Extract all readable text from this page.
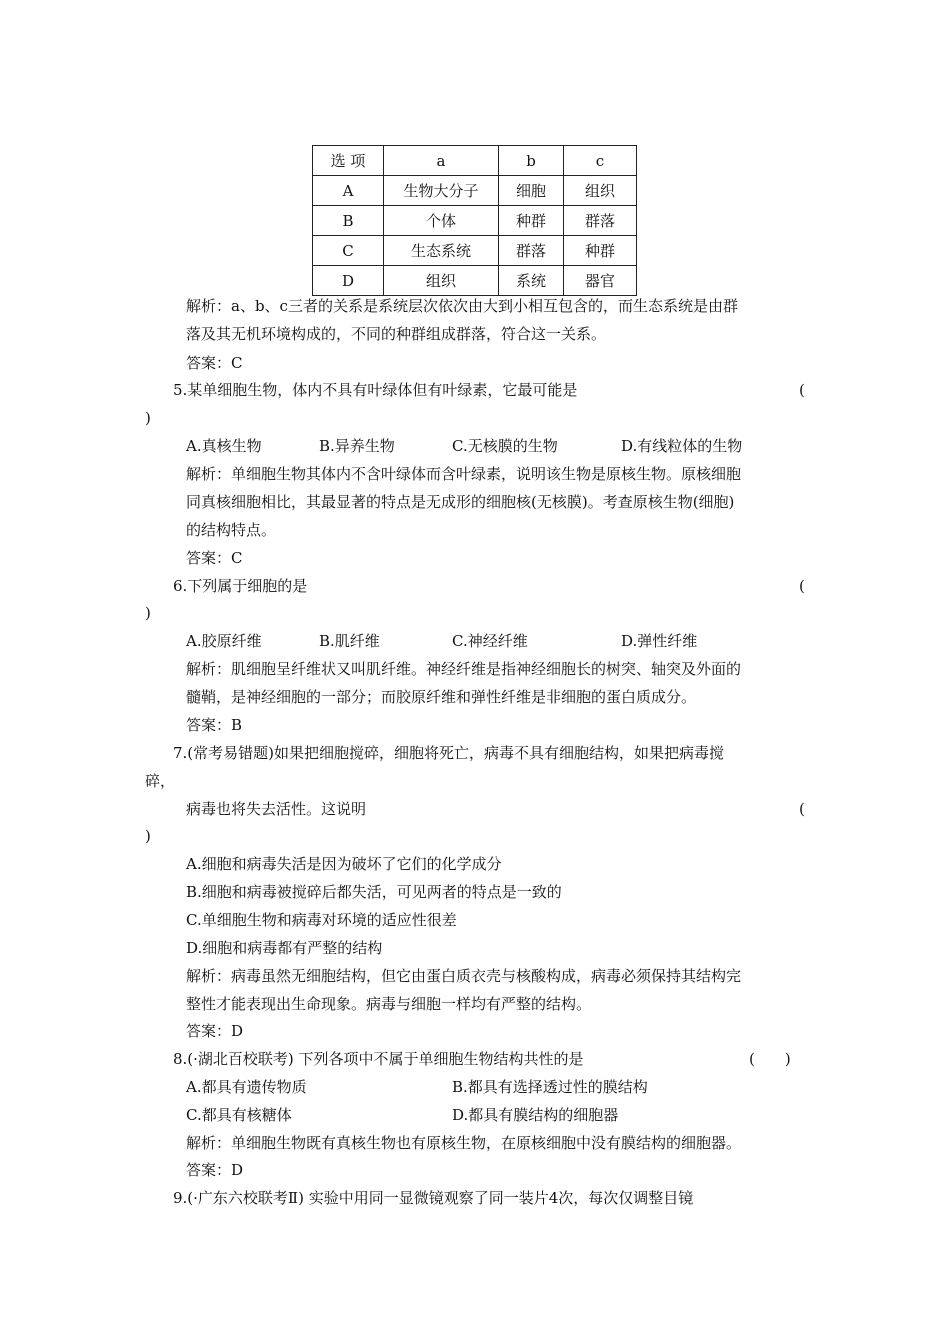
选 项	a	b	c
A	生物大分子	细胞	组织
B	个体	种群	群落
C	生态系统	群落	种群
D	组织	系统	器官
解析：a、b、c三者的关系是系统层次依次由大到小相互包含的，而生态系统是由群
落及其无机环境构成的，不同的种群组成群落，符合这一关系。
答案：C
5.某单细胞生物，体内不具有叶绿体但有叶绿素，它最可能是	(
)
A.真核生物	B.异养生物	C.无核膜的生物	D.有线粒体的生物
解析：单细胞生物其体内不含叶绿体而含叶绿素，说明该生物是原核生物。原核细胞
同真核细胞相比，其最显著的特点是无成形的细胞核(无核膜)。考查原核生物(细胞)
的结构特点。
答案：C
6.下列属于细胞的是	(
)
A.胶原纤维	B.肌纤维	C.神经纤维	D.弹性纤维
解析：肌细胞呈纤维状又叫肌纤维。神经纤维是指神经细胞长的树突、轴突及外面的
髓鞘，是神经细胞的一部分；而胶原纤维和弹性纤维是非细胞的蛋白质成分。
答案：B
7.(常考易错题)如果把细胞搅碎，细胞将死亡，病毒不具有细胞结构，如果把病毒搅
碎，
病毒也将失去活性。这说明	(
)
A.细胞和病毒失活是因为破坏了它们的化学成分
B.细胞和病毒被搅碎后都失活，可见两者的特点是一致的
C.单细胞生物和病毒对环境的适应性很差
D.细胞和病毒都有严整的结构
解析：病毒虽然无细胞结构，但它由蛋白质衣壳与核酸构成，病毒必须保持其结构完
整性才能表现出生命现象。病毒与细胞一样均有严整的结构。
答案：D
8.(·湖北百校联考) 下列各项中不属于单细胞生物结构共性的是	(　　)
A.都具有遗传物质	B.都具有选择透过性的膜结构
C.都具有核糖体	D.都具有膜结构的细胞器
解析：单细胞生物既有真核生物也有原核生物，在原核细胞中没有膜结构的细胞器。
答案：D
9.(·广东六校联考Ⅱ) 实验中用同一显微镜观察了同一装片4次，每次仅调整目镜
